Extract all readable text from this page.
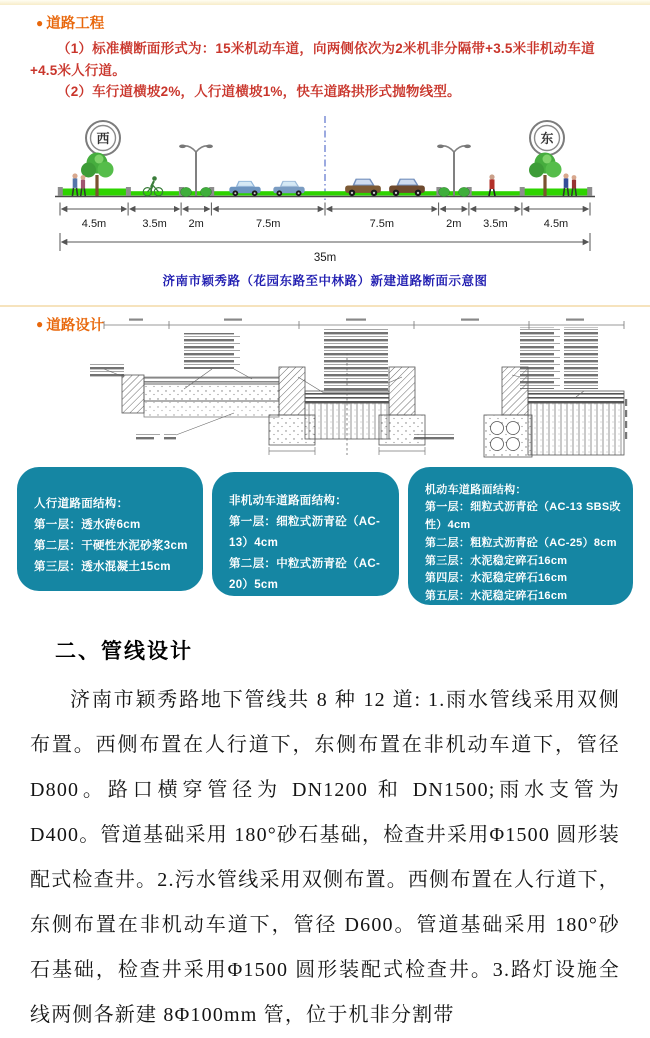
● 道路工程

（1）标准横断面形式为：15米机动车道，向两侧依次为2米机非分隔带+3.5米非机动车道+4.5米人行道。

（2）车行道横坡2%，人行道横坡1%，快车道路拱形式抛物线型。

西	东
4.5m	3.5m 2m	7.5m	7.5m	2m 3.5m	4.5m
35m
济南市颖秀路（花园东路至中林路）新建道路断面示意图
● 道路设计
人行道路面结构：
第一层：透水砖6cm
第二层：干硬性水泥砂浆3cm
第三层：透水混凝土15cm
非机动车道路面结构：
第一层：细粒式沥青砼（AC-13）4cm
第二层：中粒式沥青砼（AC-20）5cm
第三层：水泥稳定碎石16cm
第四层：水泥稳定碎石16cm
机动车道路面结构：
第一层：细粒式沥青砼（AC-13 SBS改性）4cm
第二层：粗粒式沥青砼（AC-25）8cm
第三层：水泥稳定碎石16cm
第四层：水泥稳定碎石16cm
第五层：水泥稳定碎石16cm
二、管线设计

济南市颖秀路地下管线共 8 种 12 道: 1.雨水管线采用双侧布置。西侧布置在人行道下，东侧布置在非机动车道下，管径 D800。路口横穿管径为 DN1200 和 DN1500;雨水支管为 D400。管道基础采用 180°砂石基础，检查井采用Φ1500 圆形装配式检查井。2.污水管线采用双侧布置。西侧布置在人行道下，东侧布置在非机动车道下，管径 D600。管道基础采用 180°砂石基础，检查井采用Φ1500 圆形装配式检查井。3.路灯设施全线两侧各新建 8Φ100mm 管，位于机非分割带
